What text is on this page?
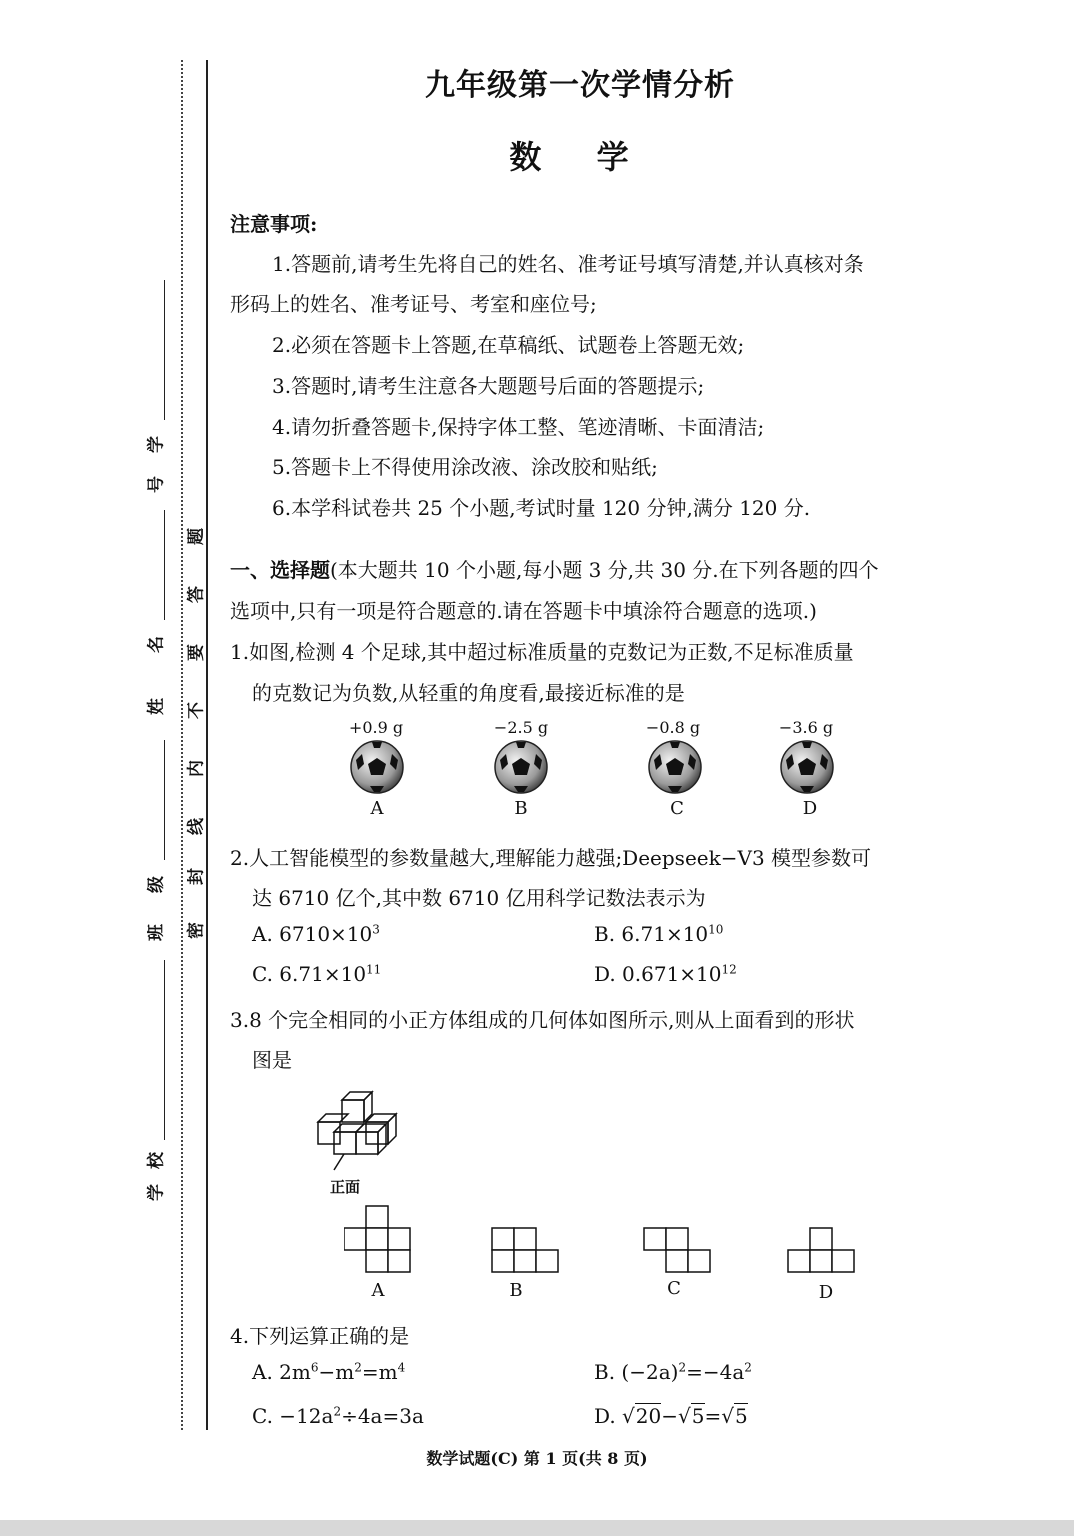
学
号
姓
名
班
级
学
校
题
答
要
不
内
线
封
密
九年级第一次学情分析
数 学
注意事项:
1.答题前,请考生先将自己的姓名、准考证号填写清楚,并认真核对条
形码上的姓名、准考证号、考室和座位号;
2.必须在答题卡上答题,在草稿纸、试题卷上答题无效;
3.答题时,请考生注意各大题题号后面的答题提示;
4.请勿折叠答题卡,保持字体工整、笔迹清晰、卡面清洁;
5.答题卡上不得使用涂改液、涂改胶和贴纸;
6.本学科试卷共 25 个小题,考试时量 120 分钟,满分 120 分.
一、选择题(本大题共 10 个小题,每小题 3 分,共 30 分.在下列各题的四个
选项中,只有一项是符合题意的.请在答题卡中填涂符合题意的选项.)
1.如图,检测 4 个足球,其中超过标准质量的克数记为正数,不足标准质量
的克数记为负数,从轻重的角度看,最接近标准的是
+0.9 g
A
−2.5 g
B
−0.8 g
C
−3.6 g
D
2.人工智能模型的参数量越大,理解能力越强;Deepseek−V3 模型参数可
达 6710 亿个,其中数 6710 亿用科学记数法表示为
A. $6710\times 10^3$	B. $6.71\times 10^{10}$
C. $6.71\times 10^{11}$	D. $0.671\times 10^{12}$
3.8 个完全相同的小正方体组成的几何体如图所示,则从上面看到的形状
图是
正面
A	B	C	D
4.下列运算正确的是
A. $2m^6-m^2=m^4$	B. $(-2a)^2=-4a^2$
C. $-12a^2\div 4a=3a$	D. √20−√5=√5
数学试题(C) 第 1 页(共 8 页)
